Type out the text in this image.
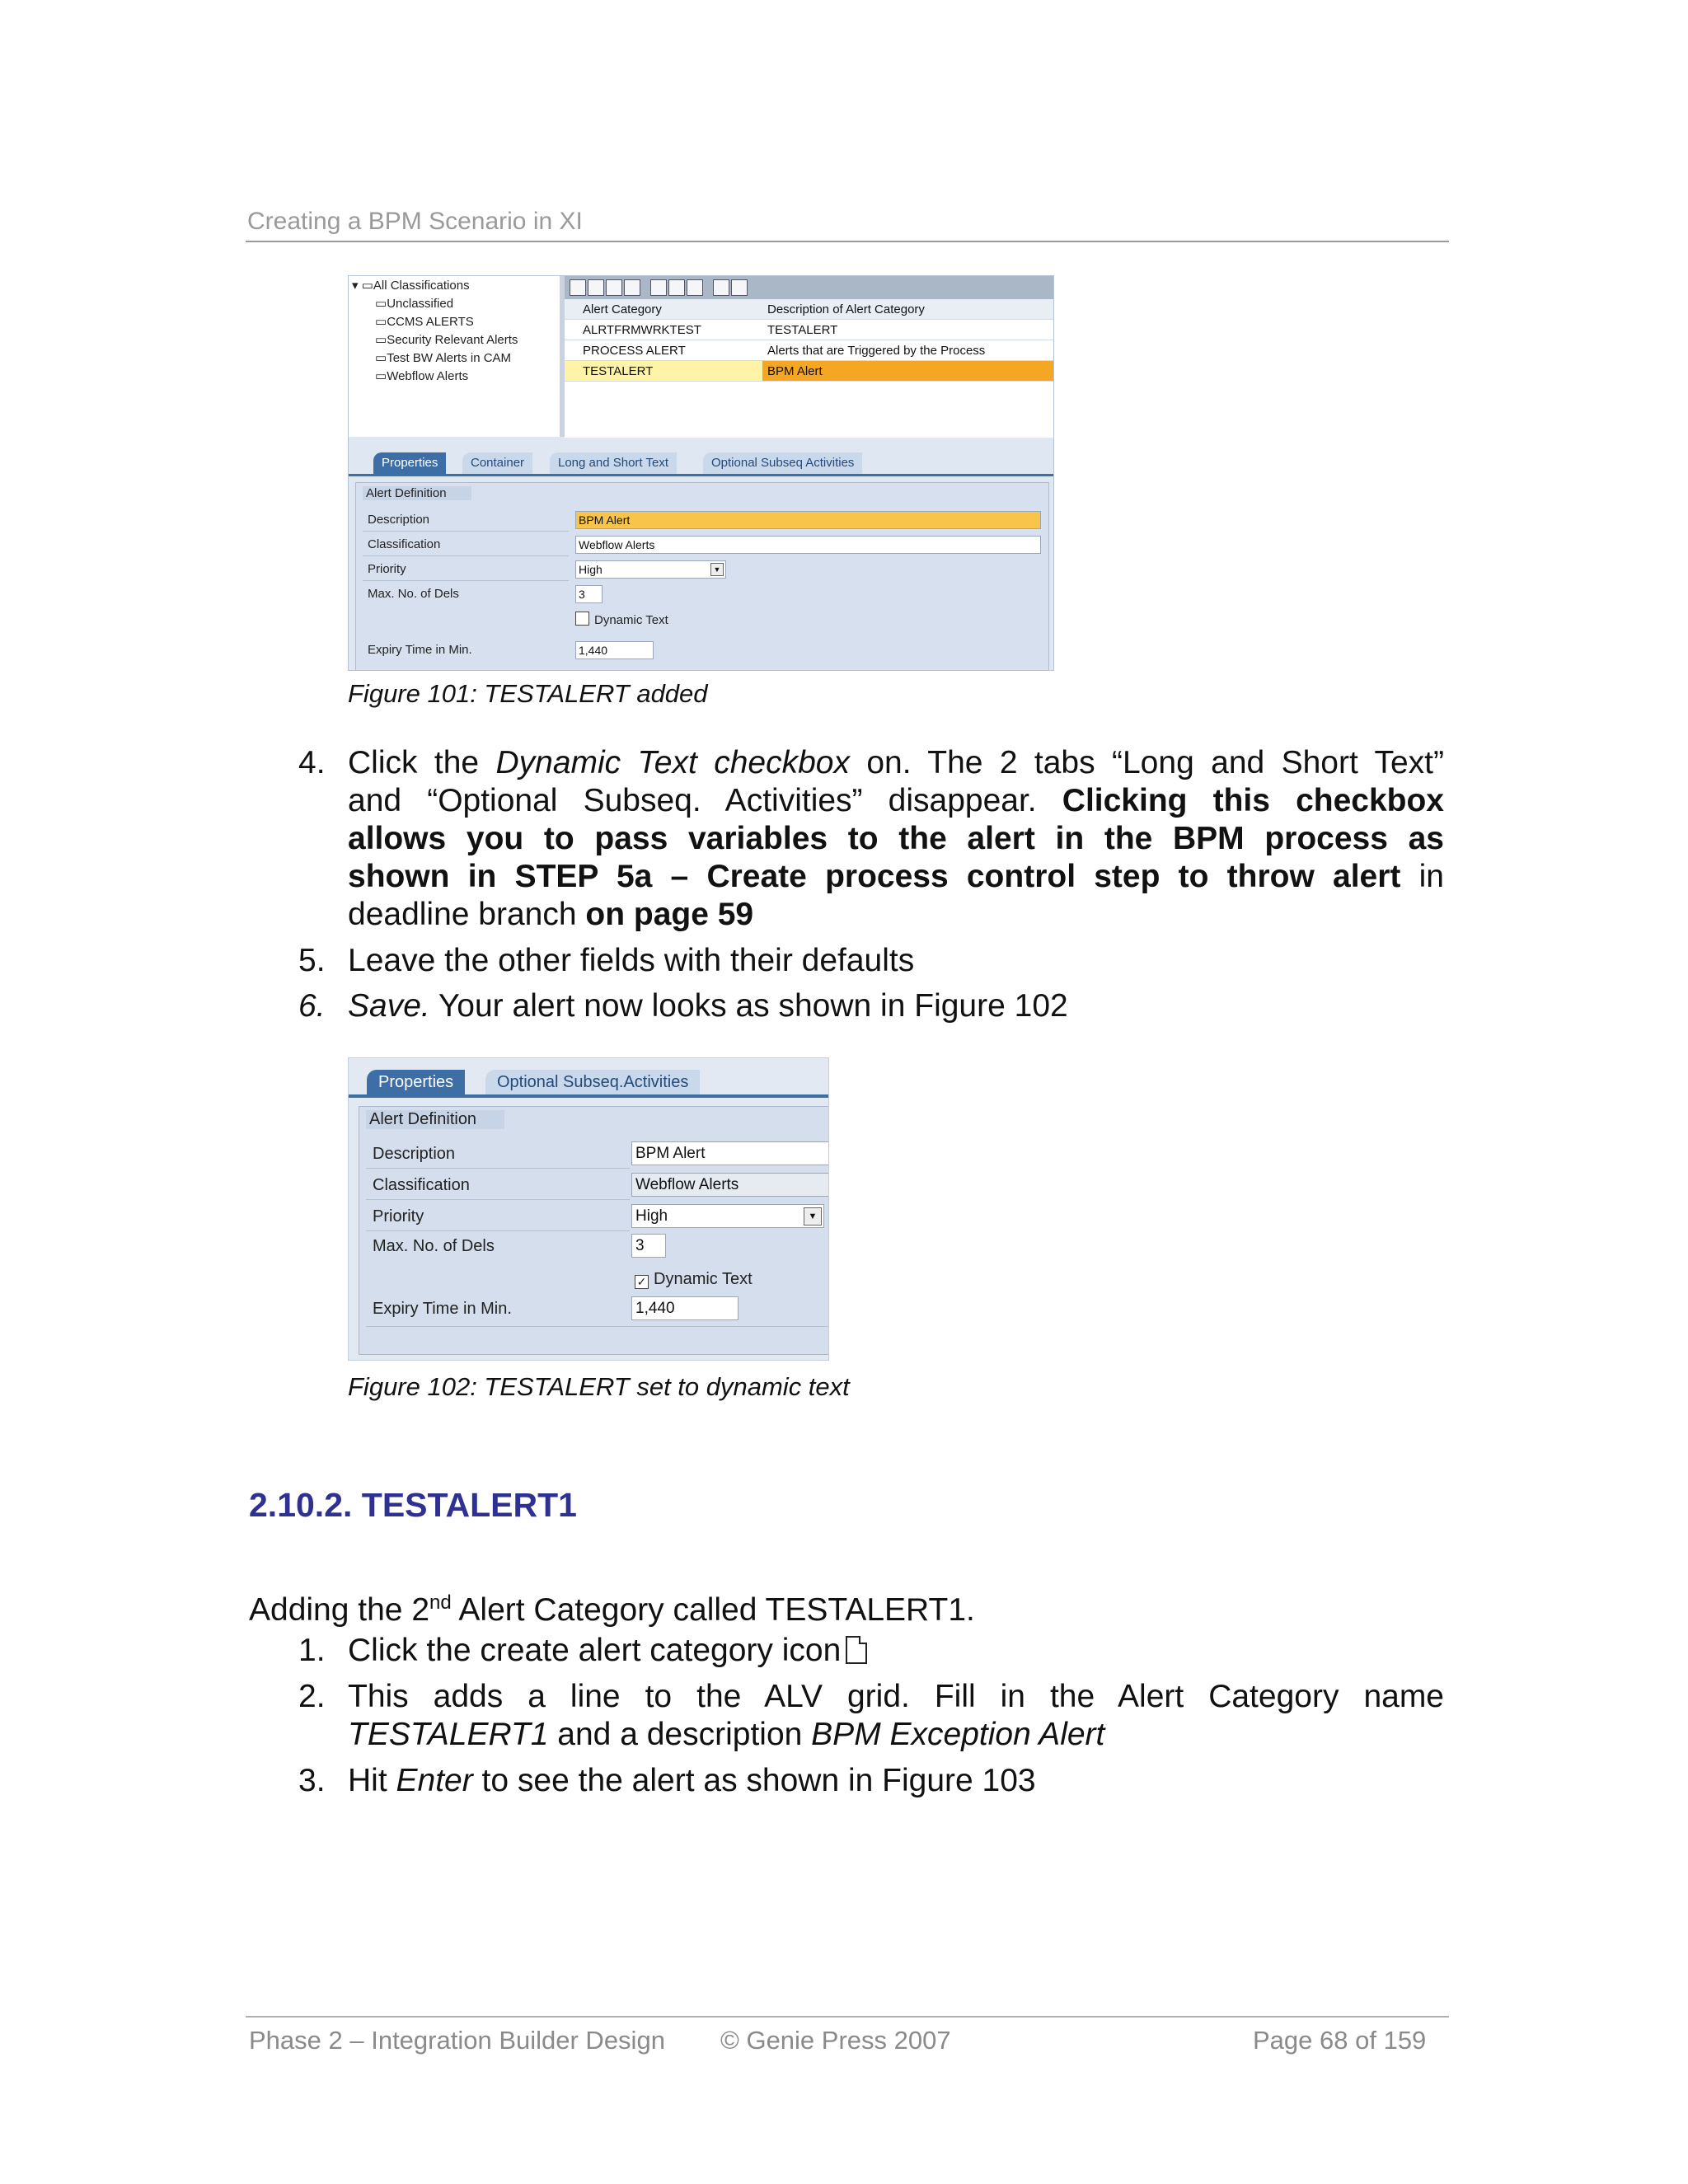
Creating a BPM Scenario in XI
▾ ▭All Classifications
▭Unclassified
▭CCMS ALERTS
▭Security Relevant Alerts
▭Test BW Alerts in CAM
▭Webflow Alerts
Alert Category	Description of Alert Category
ALRTFRMWRKTEST	TESTALERT
PROCESS ALERT	Alerts that are Triggered by the Process
TESTALERT	BPM Alert
Properties	Container	Long and Short Text	Optional Subseq Activities
Alert Definition
Description	BPM Alert
Classification	Webflow Alerts
Priority	High	▼
Max. No. of Dels	3
Dynamic Text
Expiry Time in Min.	1,440
Figure 101: TESTALERT added
4. Click the Dynamic Text checkbox on. The 2 tabs “Long and Short Text”
and “Optional Subseq. Activities” disappear. Clicking this checkbox
allows you to pass variables to the alert in the BPM process as
shown in STEP 5a – Create process control step to throw alert in
deadline branch on page 59
5. Leave the other fields with their defaults
6. Save. Your alert now looks as shown in Figure 102
Properties	Optional Subseq.Activities
Alert Definition
Description	BPM Alert
Classification	Webflow Alerts
Priority	High	▼
Max. No. of Dels	3
✓ Dynamic Text
Expiry Time in Min.	1,440
Figure 102: TESTALERT set to dynamic text
2.10.2. TESTALERT1
Adding the 2nd Alert Category called TESTALERT1.
1. Click the create alert category icon
2. This adds a line to the ALV grid. Fill in the Alert Category name
TESTALERT1 and a description BPM Exception Alert
3. Hit Enter to see the alert as shown in Figure 103
Phase 2 – Integration Builder Design © Genie Press 2007	Page 68 of 159
